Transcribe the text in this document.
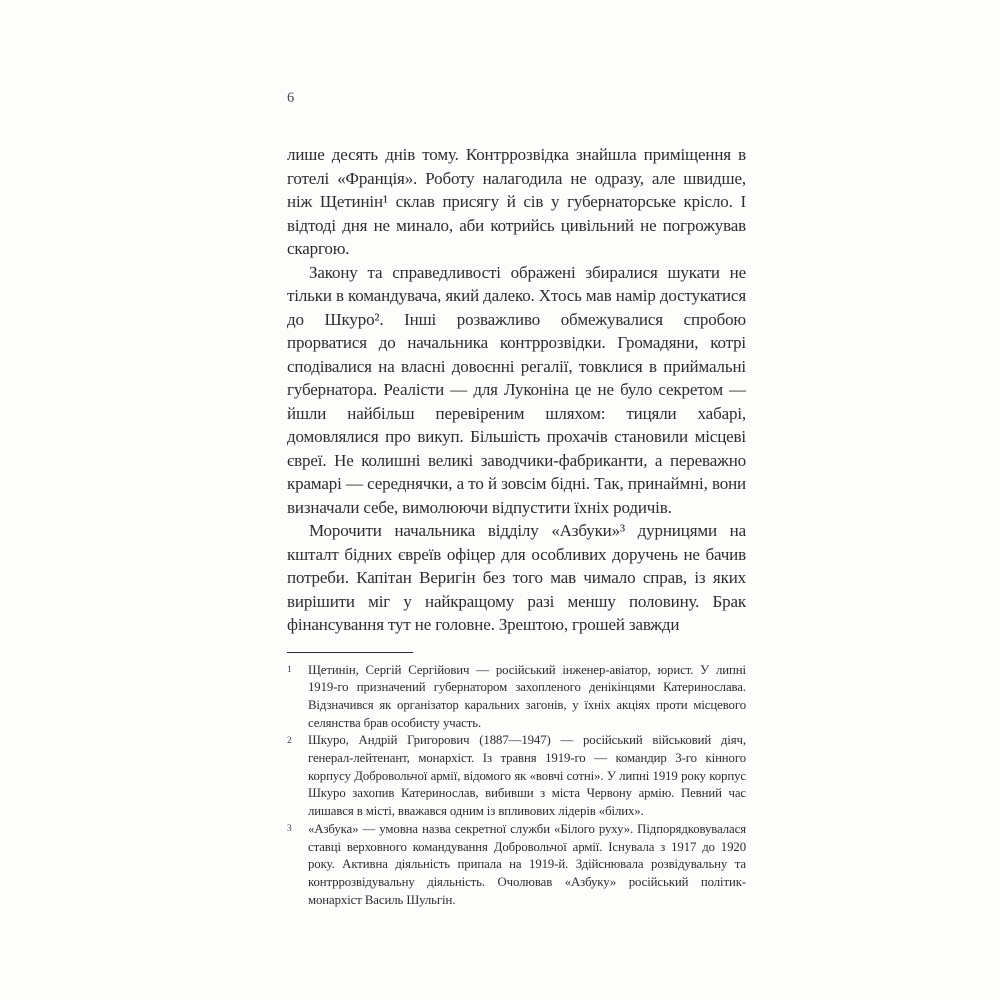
6

лише десять днів тому. Контррозвідка знайшла приміщення в готелі «Франція». Роботу налагодила не одразу, але швидше, ніж Щетинін¹ склав присягу й сів у губернаторське крісло. І відтоді дня не минало, аби котрийсь цивільний не погрожував скаргою.

Закону та справедливості ображені збиралися шукати не тільки в командувача, який далеко. Хтось мав намір достукатися до Шкуро². Інші розважливо обмежувалися спробою прорватися до начальника контррозвідки. Громадяни, котрі сподівалися на власні довоєнні регалії, товклися в приймальні губернатора. Реалісти — для Луконіна це не було секретом — йшли найбільш перевіреним шляхом: тицяли хабарі, домовлялися про викуп. Більшість прохачів становили місцеві євреї. Не колишні великі заводчики-фабриканти, а переважно крамарі — середнячки, а то й зовсім бідні. Так, принаймні, вони визначали себе, вимолюючи відпустити їхніх родичів.

Морочити начальника відділу «Азбуки»³ дурницями на кшталт бідних євреїв офіцер для особливих доручень не бачив потреби. Капітан Веригін без того мав чимало справ, із яких вирішити міг у найкращому разі меншу половину. Брак фінансування тут не головне. Зрештою, грошей завжди

1	Щетинін, Сергій Сергійович — російський інженер-авіатор, юрист. У липні 1919-го призначений губернатором захопленого денікінцями Катеринослава. Відзначився як організатор каральних загонів, у їхніх акціях проти місцевого селянства брав особисту участь.
2	Шкуро, Андрій Григорович (1887—1947) — російський військовий діяч, генерал-лейтенант, монархіст. Із травня 1919-го — командир 3-го кінного корпусу Добровольчої армії, відомого як «вовчі сотні». У липні 1919 року корпус Шкуро захопив Катеринослав, вибивши з міста Червону армію. Певний час лишався в місті, вважався одним із впливових лідерів «білих».
3	«Азбука» — умовна назва секретної служби «Білого руху». Підпорядковувалася ставці верховного командування Добровольчої армії. Існувала з 1917 до 1920 року. Активна діяльність припала на 1919-й. Здійснювала розвідувальну та контррозвідувальну діяльність. Очолював «Азбуку» російський політик-монархіст Василь Шульгін.
